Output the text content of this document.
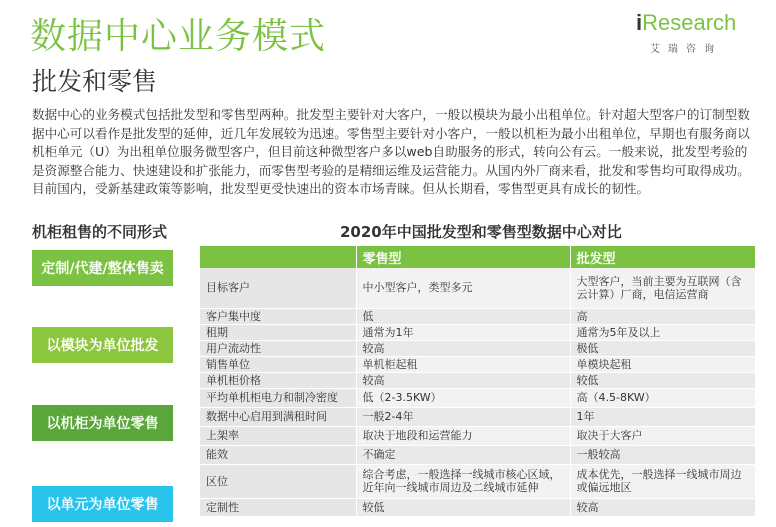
数据中心业务模式
批发和零售
iResearch
艾瑞咨询
数据中心的业务模式包括批发型和零售型两种。批发型主要针对大客户，一般以模块为最小出租单位。针对超大型客户的订制型数据中心可以看作是批发型的延伸，近几年发展较为迅速。零售型主要针对小客户，一般以机柜为最小出租单位，早期也有服务商以机柜单元（U）为出租单位服务微型客户，但目前这种微型客户多以web自助服务的形式，转向公有云。一般来说，批发型考验的是资源整合能力、快速建设和扩张能力，而零售型考验的是精细运维及运营能力。从国内外厂商来看，批发和零售均可取得成功。目前国内，受新基建政策等影响，批发型更受快速出的资本市场青睐。但从长期看，零售型更具有成长的韧性。
机柜租售的不同形式	2020年中国批发型和零售型数据中心对比
定制/代建/整体售卖
以模块为单位批发
以机柜为单位零售
以单元为单位零售
	零售型	批发型
目标客户	中小型客户，类型多元	大型客户，当前主要为互联网（含云计算）厂商，电信运营商
客户集中度	低	高
租期	通常为1年	通常为5年及以上
用户流动性	较高	极低
销售单位	单机柜起租	单模块起租
单机柜价格	较高	较低
平均单机柜电力和制冷密度	低（2-3.5KW）	高（4.5-8KW）
数据中心启用到满租时间	一般2-4年	1年
上架率	取决于地段和运营能力	取决于大客户
能效	不确定	一般较高
区位	综合考虑，一般选择一线城市核心区域，近年向一线城市周边及二线城市延伸	成本优先，一般选择一线城市周边或偏远地区
定制性	较低	较高
